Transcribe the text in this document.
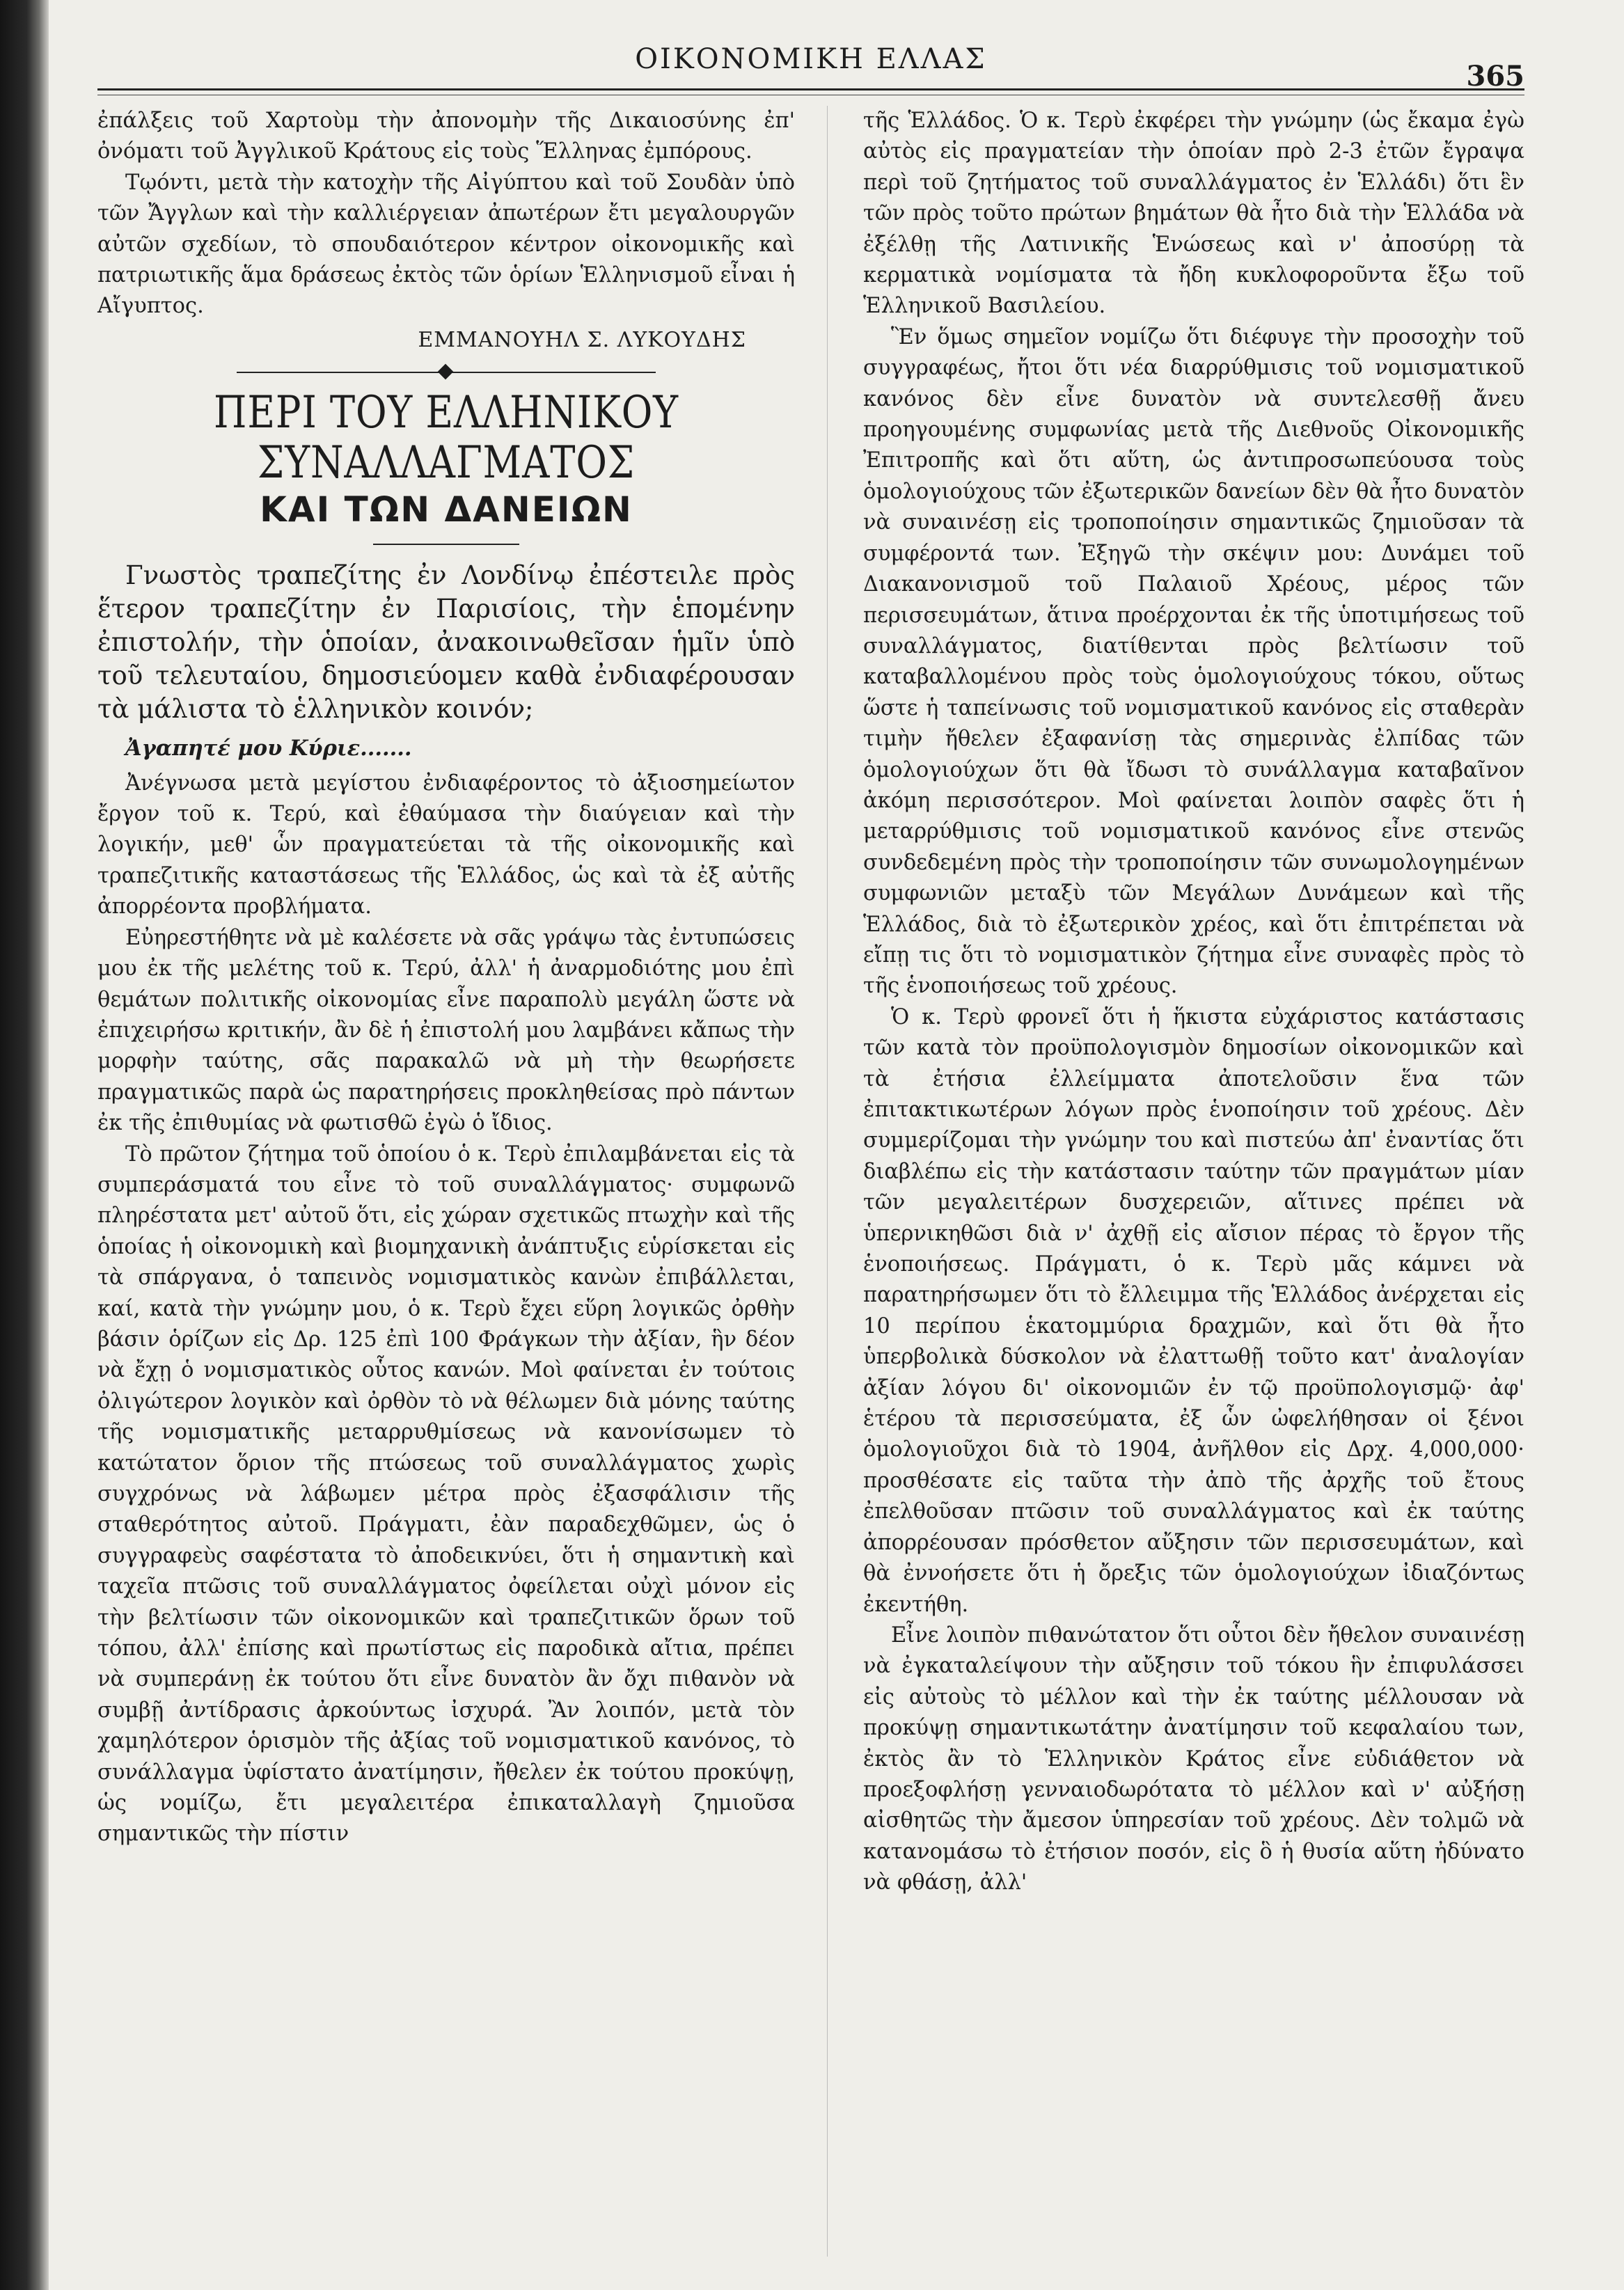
ΟΙΚΟΝΟΜΙΚΗ ΕΛΛΑΣ
365

ἐπάλξεις τοῦ Χαρτοὺμ τὴν ἀπονομὴν τῆς Δικαιοσύνης ἐπ' ὀνόματι τοῦ Ἀγγλικοῦ Κράτους εἰς τοὺς Ἕλληνας ἐμπόρους.

Τῳόντι, μετὰ τὴν κατοχὴν τῆς Αἰγύπτου καὶ τοῦ Σουδὰν ὑπὸ τῶν Ἄγγλων καὶ τὴν καλλιέργειαν ἀπωτέρων ἔτι μεγαλουργῶν αὐτῶν σχεδίων, τὸ σπουδαιότερον κέντρον οἰκονομικῆς καὶ πατριωτικῆς ἅμα δράσεως ἐκτὸς τῶν ὁρίων Ἑλληνισμοῦ εἶναι ἡ Αἴγυπτος.

ΕΜΜΑΝΟΥΗΛ Σ. ΛΥΚΟΥΔΗΣ

ΠΕΡΙ ΤΟΥ ΕΛΛΗΝΙΚΟΥ ΣΥΝΑΛΛΑΓΜΑΤΟΣ
ΚΑΙ ΤΩΝ ΔΑΝΕΙΩΝ

Γνωστὸς τραπεζίτης ἐν Λονδίνῳ ἐπέστειλε πρὸς ἕτερον τραπεζίτην ἐν Παρισίοις, τὴν ἑπομένην ἐπιστολήν, τὴν ὁποίαν, ἀνακοινωθεῖσαν ἡμῖν ὑπὸ τοῦ τελευταίου, δημοσιεύομεν καθὰ ἐνδιαφέρουσαν τὰ μάλιστα τὸ ἑλληνικὸν κοινόν;

Ἀγαπητέ μου Κύριε.......

Ἀνέγνωσα μετὰ μεγίστου ἐνδιαφέροντος τὸ ἀξιοσημείωτον ἔργον τοῦ κ. Τερύ, καὶ ἐθαύμασα τὴν διαύγειαν καὶ τὴν λογικήν, μεθ' ὧν πραγματεύεται τὰ τῆς οἰκονομικῆς καὶ τραπεζιτικῆς καταστάσεως τῆς Ἑλλάδος, ὡς καὶ τὰ ἐξ αὐτῆς ἀπορρέοντα προβλήματα.

Εὐηρεστήθητε νὰ μὲ καλέσετε νὰ σᾶς γράψω τὰς ἐντυπώσεις μου ἐκ τῆς μελέτης τοῦ κ. Τερύ, ἀλλ' ἡ ἀναρμοδιότης μου ἐπὶ θεμάτων πολιτικῆς οἰκονομίας εἶνε παραπολὺ μεγάλη ὥστε νὰ ἐπιχειρήσω κριτικήν, ἂν δὲ ἡ ἐπιστολή μου λαμβάνει κἄπως τὴν μορφὴν ταύτης, σᾶς παρακαλῶ νὰ μὴ τὴν θεωρήσετε πραγματικῶς παρὰ ὡς παρατηρήσεις προκληθείσας πρὸ πάντων ἐκ τῆς ἐπιθυμίας νὰ φωτισθῶ ἐγὼ ὁ ἴδιος.

Τὸ πρῶτον ζήτημα τοῦ ὁποίου ὁ κ. Τερὺ ἐπιλαμβάνεται εἰς τὰ συμπεράσματά του εἶνε τὸ τοῦ συναλλάγματος· συμφωνῶ πληρέστατα μετ' αὐτοῦ ὅτι, εἰς χώραν σχετικῶς πτωχὴν καὶ τῆς ὁποίας ἡ οἰκονομικὴ καὶ βιομηχανικὴ ἀνάπτυξις εὑρίσκεται εἰς τὰ σπάργανα, ὁ ταπεινὸς νομισματικὸς κανὼν ἐπιβάλλεται, καί, κατὰ τὴν γνώμην μου, ὁ κ. Τερὺ ἔχει εὕρη λογικῶς ὀρθὴν βάσιν ὁρίζων εἰς Δρ. 125 ἐπὶ 100 Φράγκων τὴν ἀξίαν, ἣν δέον νὰ ἔχῃ ὁ νομισματικὸς οὗτος κανών. Μοὶ φαίνεται ἐν τούτοις ὀλιγώτερον λογικὸν καὶ ὀρθὸν τὸ νὰ θέλωμεν διὰ μόνης ταύτης τῆς νομισματικῆς μεταρρυθμίσεως νὰ κανονίσωμεν τὸ κατώτατον ὅριον τῆς πτώσεως τοῦ συναλλάγματος χωρὶς συγχρόνως νὰ λάβωμεν μέτρα πρὸς ἐξασφάλισιν τῆς σταθερότητος αὐτοῦ. Πράγματι, ἐὰν παραδεχθῶμεν, ὡς ὁ συγγραφεὺς σαφέστατα τὸ ἀποδεικνύει, ὅτι ἡ σημαντικὴ καὶ ταχεῖα πτῶσις τοῦ συναλλάγματος ὀφείλεται οὐχὶ μόνον εἰς τὴν βελτίωσιν τῶν οἰκονομικῶν καὶ τραπεζιτικῶν ὅρων τοῦ τόπου, ἀλλ' ἐπίσης καὶ πρωτίστως εἰς παροδικὰ αἴτια, πρέπει νὰ συμπεράνῃ ἐκ τούτου ὅτι εἶνε δυνατὸν ἂν ὄχι πιθανὸν νὰ συμβῇ ἀντίδρασις ἀρκούντως ἰσχυρά. Ἂν λοιπόν, μετὰ τὸν χαμηλότερον ὁρισμὸν τῆς ἀξίας τοῦ νομισματικοῦ κανόνος, τὸ συνάλλαγμα ὑφίστατο ἀνατίμησιν, ἤθελεν ἐκ τούτου προκύψῃ, ὡς νομίζω, ἔτι μεγαλειτέρα ἐπικαταλλαγὴ ζημιοῦσα σημαντικῶς τὴν πίστιν

τῆς Ἑλλάδος. Ὁ κ. Τερὺ ἐκφέρει τὴν γνώμην (ὡς ἔκαμα ἐγὼ αὐτὸς εἰς πραγματείαν τὴν ὁποίαν πρὸ 2-3 ἐτῶν ἔγραψα περὶ τοῦ ζητήματος τοῦ συναλλάγματος ἐν Ἑλλάδι) ὅτι ἓν τῶν πρὸς τοῦτο πρώτων βημάτων θὰ ἦτο διὰ τὴν Ἑλλάδα νὰ ἐξέλθῃ τῆς Λατινικῆς Ἑνώσεως καὶ ν' ἀποσύρῃ τὰ κερματικὰ νομίσματα τὰ ἤδη κυκλοφοροῦντα ἔξω τοῦ Ἑλληνικοῦ Βασιλείου.

Ἓν ὅμως σημεῖον νομίζω ὅτι διέφυγε τὴν προσοχὴν τοῦ συγγραφέως, ἤτοι ὅτι νέα διαρρύθμισις τοῦ νομισματικοῦ κανόνος δὲν εἶνε δυνατὸν νὰ συντελεσθῇ ἄνευ προηγουμένης συμφωνίας μετὰ τῆς Διεθνοῦς Οἰκονομικῆς Ἐπιτροπῆς καὶ ὅτι αὕτη, ὡς ἀντιπροσωπεύουσα τοὺς ὁμολογιούχους τῶν ἐξωτερικῶν δανείων δὲν θὰ ἦτο δυνατὸν νὰ συναινέσῃ εἰς τροποποίησιν σημαντικῶς ζημιοῦσαν τὰ συμφέροντά των. Ἐξηγῶ τὴν σκέψιν μου: Δυνάμει τοῦ Διακανονισμοῦ τοῦ Παλαιοῦ Χρέους, μέρος τῶν περισσευμάτων, ἅτινα προέρχονται ἐκ τῆς ὑποτιμήσεως τοῦ συναλλάγματος, διατίθενται πρὸς βελτίωσιν τοῦ καταβαλλομένου πρὸς τοὺς ὁμολογιούχους τόκου, οὕτως ὥστε ἡ ταπείνωσις τοῦ νομισματικοῦ κανόνος εἰς σταθερὰν τιμὴν ἤθελεν ἐξαφανίσῃ τὰς σημερινὰς ἐλπίδας τῶν ὁμολογιούχων ὅτι θὰ ἴδωσι τὸ συνάλλαγμα καταβαῖνον ἀκόμη περισσότερον. Μοὶ φαίνεται λοιπὸν σαφὲς ὅτι ἡ μεταρρύθμισις τοῦ νομισματικοῦ κανόνος εἶνε στενῶς συνδεδεμένη πρὸς τὴν τροποποίησιν τῶν συνωμολογημένων συμφωνιῶν μεταξὺ τῶν Μεγάλων Δυνάμεων καὶ τῆς Ἑλλάδος, διὰ τὸ ἐξωτερικὸν χρέος, καὶ ὅτι ἐπιτρέπεται νὰ εἴπῃ τις ὅτι τὸ νομισματικὸν ζήτημα εἶνε συναφὲς πρὸς τὸ τῆς ἑνοποιήσεως τοῦ χρέους.

Ὁ κ. Τερὺ φρονεῖ ὅτι ἡ ἥκιστα εὐχάριστος κατάστασις τῶν κατὰ τὸν προϋπολογισμὸν δημοσίων οἰκονομικῶν καὶ τὰ ἐτήσια ἐλλείμματα ἀποτελοῦσιν ἕνα τῶν ἐπιτακτικωτέρων λόγων πρὸς ἑνοποίησιν τοῦ χρέους. Δὲν συμμερίζομαι τὴν γνώμην του καὶ πιστεύω ἀπ' ἐναντίας ὅτι διαβλέπω εἰς τὴν κατάστασιν ταύτην τῶν πραγμάτων μίαν τῶν μεγαλειτέρων δυσχερειῶν, αἵτινες πρέπει νὰ ὑπερνικηθῶσι διὰ ν' ἀχθῇ εἰς αἴσιον πέρας τὸ ἔργον τῆς ἑνοποιήσεως. Πράγματι, ὁ κ. Τερὺ μᾶς κάμνει νὰ παρατηρήσωμεν ὅτι τὸ ἔλλειμμα τῆς Ἑλλάδος ἀνέρχεται εἰς 10 περίπου ἑκατομμύρια δραχμῶν, καὶ ὅτι θὰ ἦτο ὑπερβολικὰ δύσκολον νὰ ἐλαττωθῇ τοῦτο κατ' ἀναλογίαν ἀξίαν λόγου δι' οἰκονομιῶν ἐν τῷ προϋπολογισμῷ· ἀφ' ἑτέρου τὰ περισσεύματα, ἐξ ὧν ὠφελήθησαν οἱ ξένοι ὁμολογιοῦχοι διὰ τὸ 1904, ἀνῆλθον εἰς Δρχ. 4,000,000· προσθέσατε εἰς ταῦτα τὴν ἀπὸ τῆς ἀρχῆς τοῦ ἔτους ἐπελθοῦσαν πτῶσιν τοῦ συναλλάγματος καὶ ἐκ ταύτης ἀπορρέουσαν πρόσθετον αὔξησιν τῶν περισσευμάτων, καὶ θὰ ἐννοήσετε ὅτι ἡ ὄρεξις τῶν ὁμολογιούχων ἰδιαζόντως ἐκεντήθη.

Εἶνε λοιπὸν πιθανώτατον ὅτι οὗτοι δὲν ἤθελον συναινέσῃ νὰ ἐγκαταλείψουν τὴν αὔξησιν τοῦ τόκου ἣν ἐπιφυλάσσει εἰς αὐτοὺς τὸ μέλλον καὶ τὴν ἐκ ταύτης μέλλουσαν νὰ προκύψῃ σημαντικωτάτην ἀνατίμησιν τοῦ κεφαλαίου των, ἐκτὸς ἂν τὸ Ἑλληνικὸν Κράτος εἶνε εὐδιάθετον νὰ προεξοφλήσῃ γενναιοδωρότατα τὸ μέλλον καὶ ν' αὐξήσῃ αἰσθητῶς τὴν ἄμεσον ὑπηρεσίαν τοῦ χρέους. Δὲν τολμῶ νὰ κατανομάσω τὸ ἐτήσιον ποσόν, εἰς ὃ ἡ θυσία αὕτη ἠδύνατο νὰ φθάσῃ, ἀλλ'
